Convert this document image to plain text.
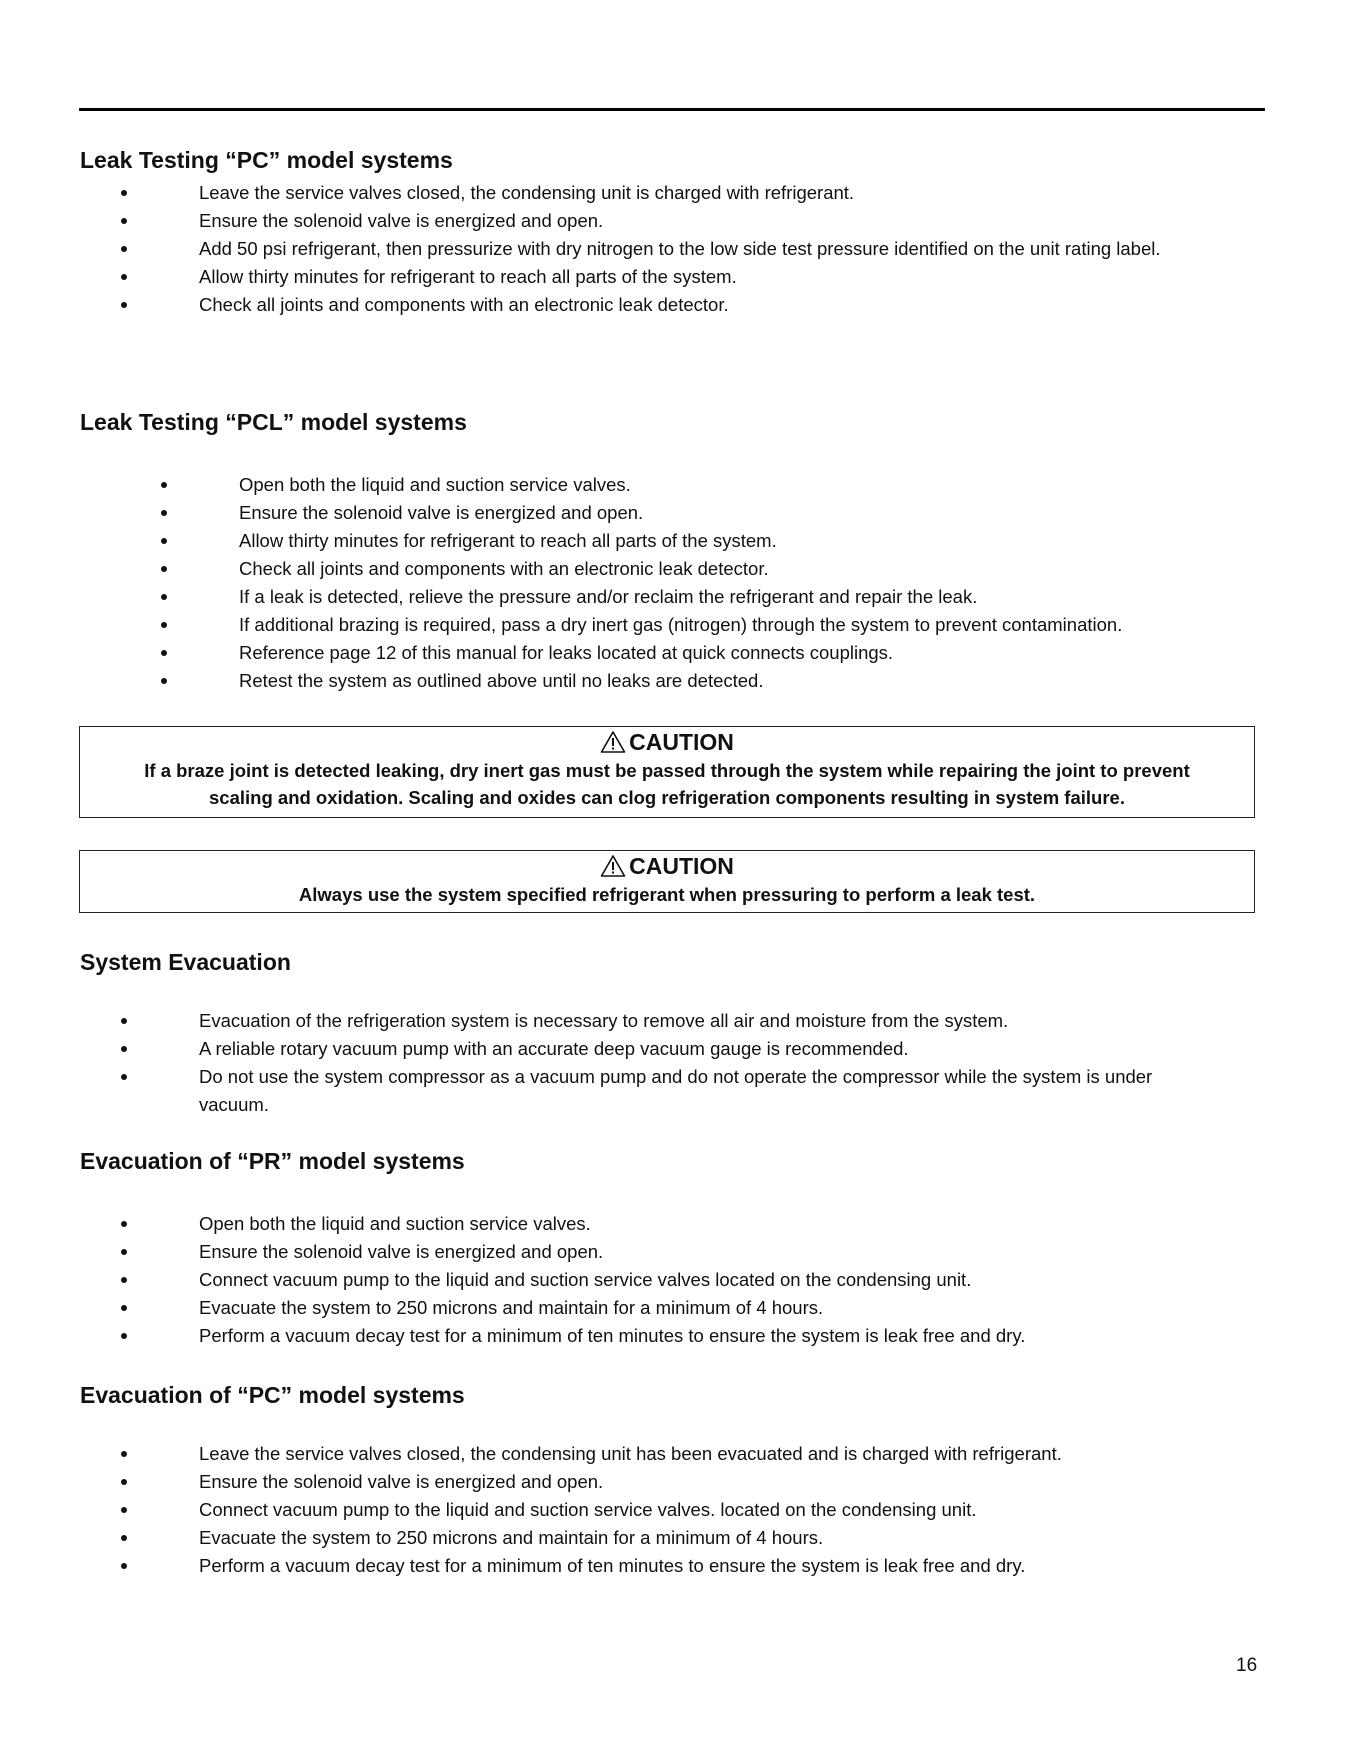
Leak Testing “PC” model systems
Leave the service valves closed, the condensing unit is charged with refrigerant.
Ensure the solenoid valve is energized and open.
Add 50 psi refrigerant, then pressurize with dry nitrogen to the low side test pressure identified on the unit rating label.
Allow thirty minutes for refrigerant to reach all parts of the system.
Check all joints and components with an electronic leak detector.
Leak Testing “PCL” model systems
Open both the liquid and suction service valves.
Ensure the solenoid valve is energized and open.
Allow thirty minutes for refrigerant to reach all parts of the system.
Check all joints and components with an electronic leak detector.
If a leak is detected, relieve the pressure and/or reclaim the refrigerant and repair the leak.
If additional brazing is required, pass a dry inert gas (nitrogen) through the system to prevent contamination.
Reference page 12 of this manual for leaks located at quick connects couplings.
Retest the system as outlined above until no leaks are detected.
CAUTION
If a braze joint is detected leaking, dry inert gas must be passed through the system while repairing the joint to prevent scaling and oxidation. Scaling and oxides can clog refrigeration components resulting in system failure.
CAUTION
Always use the system specified refrigerant when pressuring to perform a leak test.
System Evacuation
Evacuation of the refrigeration system is necessary to remove all air and moisture from the system.
A reliable rotary vacuum pump with an accurate deep vacuum gauge is recommended.
Do not use the system compressor as a vacuum pump and do not operate the compressor while the system is under vacuum.
Evacuation of “PR” model systems
Open both the liquid and suction service valves.
Ensure the solenoid valve is energized and open.
Connect vacuum pump to the liquid and suction service valves located on the condensing unit.
Evacuate the system to 250 microns and maintain for a minimum of 4 hours.
Perform a vacuum decay test for a minimum of ten minutes to ensure the system is leak free and dry.
Evacuation of “PC” model systems
Leave the service valves closed, the condensing unit has been evacuated and is charged with refrigerant.
Ensure the solenoid valve is energized and open.
Connect vacuum pump to the liquid and suction service valves. located on the condensing unit.
Evacuate the system to 250 microns and maintain for a minimum of 4 hours.
Perform a vacuum decay test for a minimum of ten minutes to ensure the system is leak free and dry.
16
